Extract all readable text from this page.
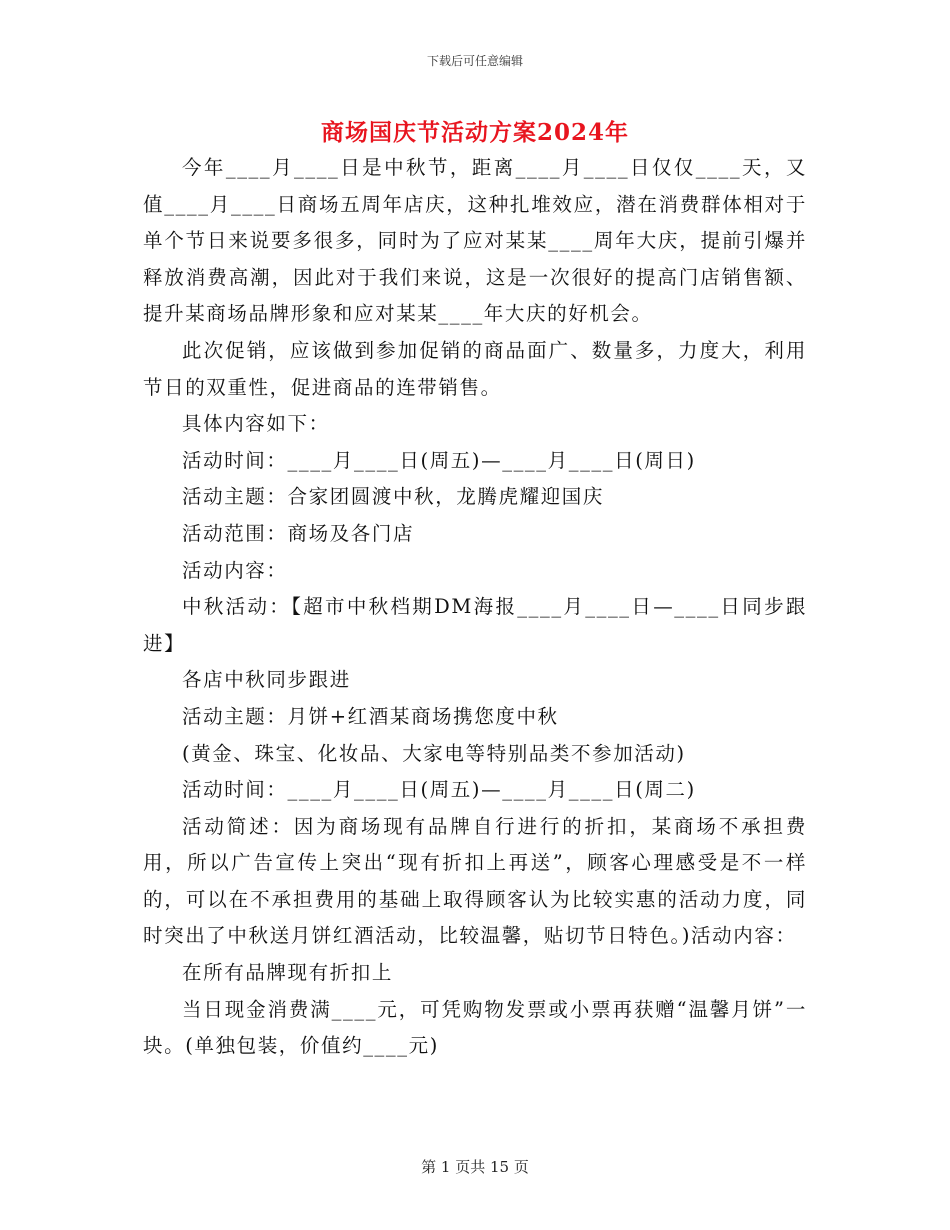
下载后可任意编辑
商场国庆节活动方案2024年

今年____月____日是中秋节，距离____月____日仅仅____天，又值____月____日商场五周年店庆，这种扎堆效应，潜在消费群体相对于单个节日来说要多很多，同时为了应对某某____周年大庆，提前引爆并释放消费高潮，因此对于我们来说，这是一次很好的提高门店销售额、提升某商场品牌形象和应对某某____年大庆的好机会。

此次促销，应该做到参加促销的商品面广、数量多，力度大，利用节日的双重性，促进商品的连带销售。

具体内容如下：

活动时间：____月____日(周五)—____月____日(周日)

活动主题：合家团圆渡中秋，龙腾虎耀迎国庆

活动范围：商场及各门店

活动内容：

中秋活动：【超市中秋档期DM海报____月____日—____日同步跟进】

各店中秋同步跟进

活动主题：月饼+红酒某商场携您度中秋

(黄金、珠宝、化妆品、大家电等特别品类不参加活动)

活动时间：____月____日(周五)—____月____日(周二)

活动简述：因为商场现有品牌自行进行的折扣，某商场不承担费用，所以广告宣传上突出“现有折扣上再送”，顾客心理感受是不一样的，可以在不承担费用的基础上取得顾客认为比较实惠的活动力度，同时突出了中秋送月饼红酒活动，比较温馨，贴切节日特色。)活动内容：

在所有品牌现有折扣上

当日现金消费满____元，可凭购物发票或小票再获赠“温馨月饼”一块。(单独包装，价值约____元)

第 1 页共 15 页
